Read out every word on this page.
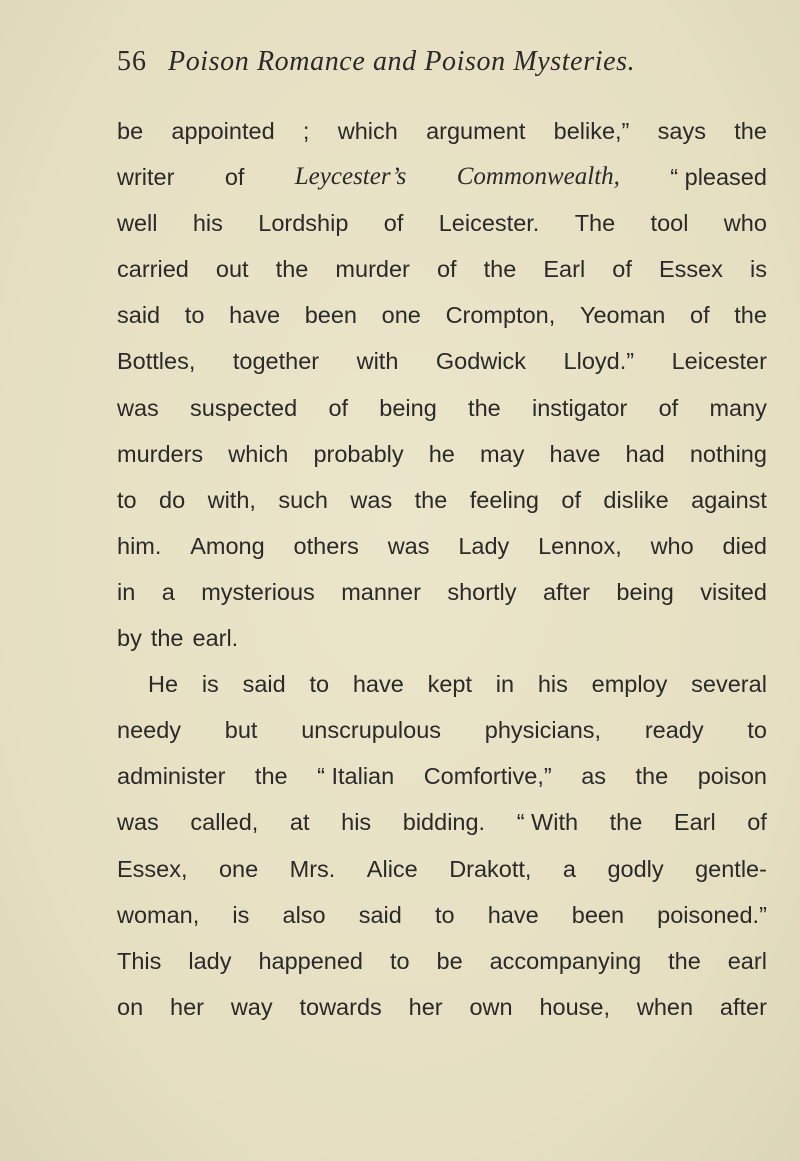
56 Poison Romance and Poison Mysteries.
be appointed ; which argument belike,” says the
writer of Leycester’s Commonwealth, “ pleased
well his Lordship of Leicester. The tool who
carried out the murder of the Earl of Essex is
said to have been one Crompton, Yeoman of the
Bottles, together with Godwick Lloyd.” Leicester
was suspected of being the instigator of many
murders which probably he may have had nothing
to do with, such was the feeling of dislike against
him. Among others was Lady Lennox, who died
in a mysterious manner shortly after being visited
by the earl.
He is said to have kept in his employ several
needy but unscrupulous physicians, ready to
administer the “ Italian Comfortive,” as the poison
was called, at his bidding. “ With the Earl of
Essex, one Mrs. Alice Drakott, a godly gentle-
woman, is also said to have been poisoned.”
This lady happened to be accompanying the earl
on her way towards her own house, when after
